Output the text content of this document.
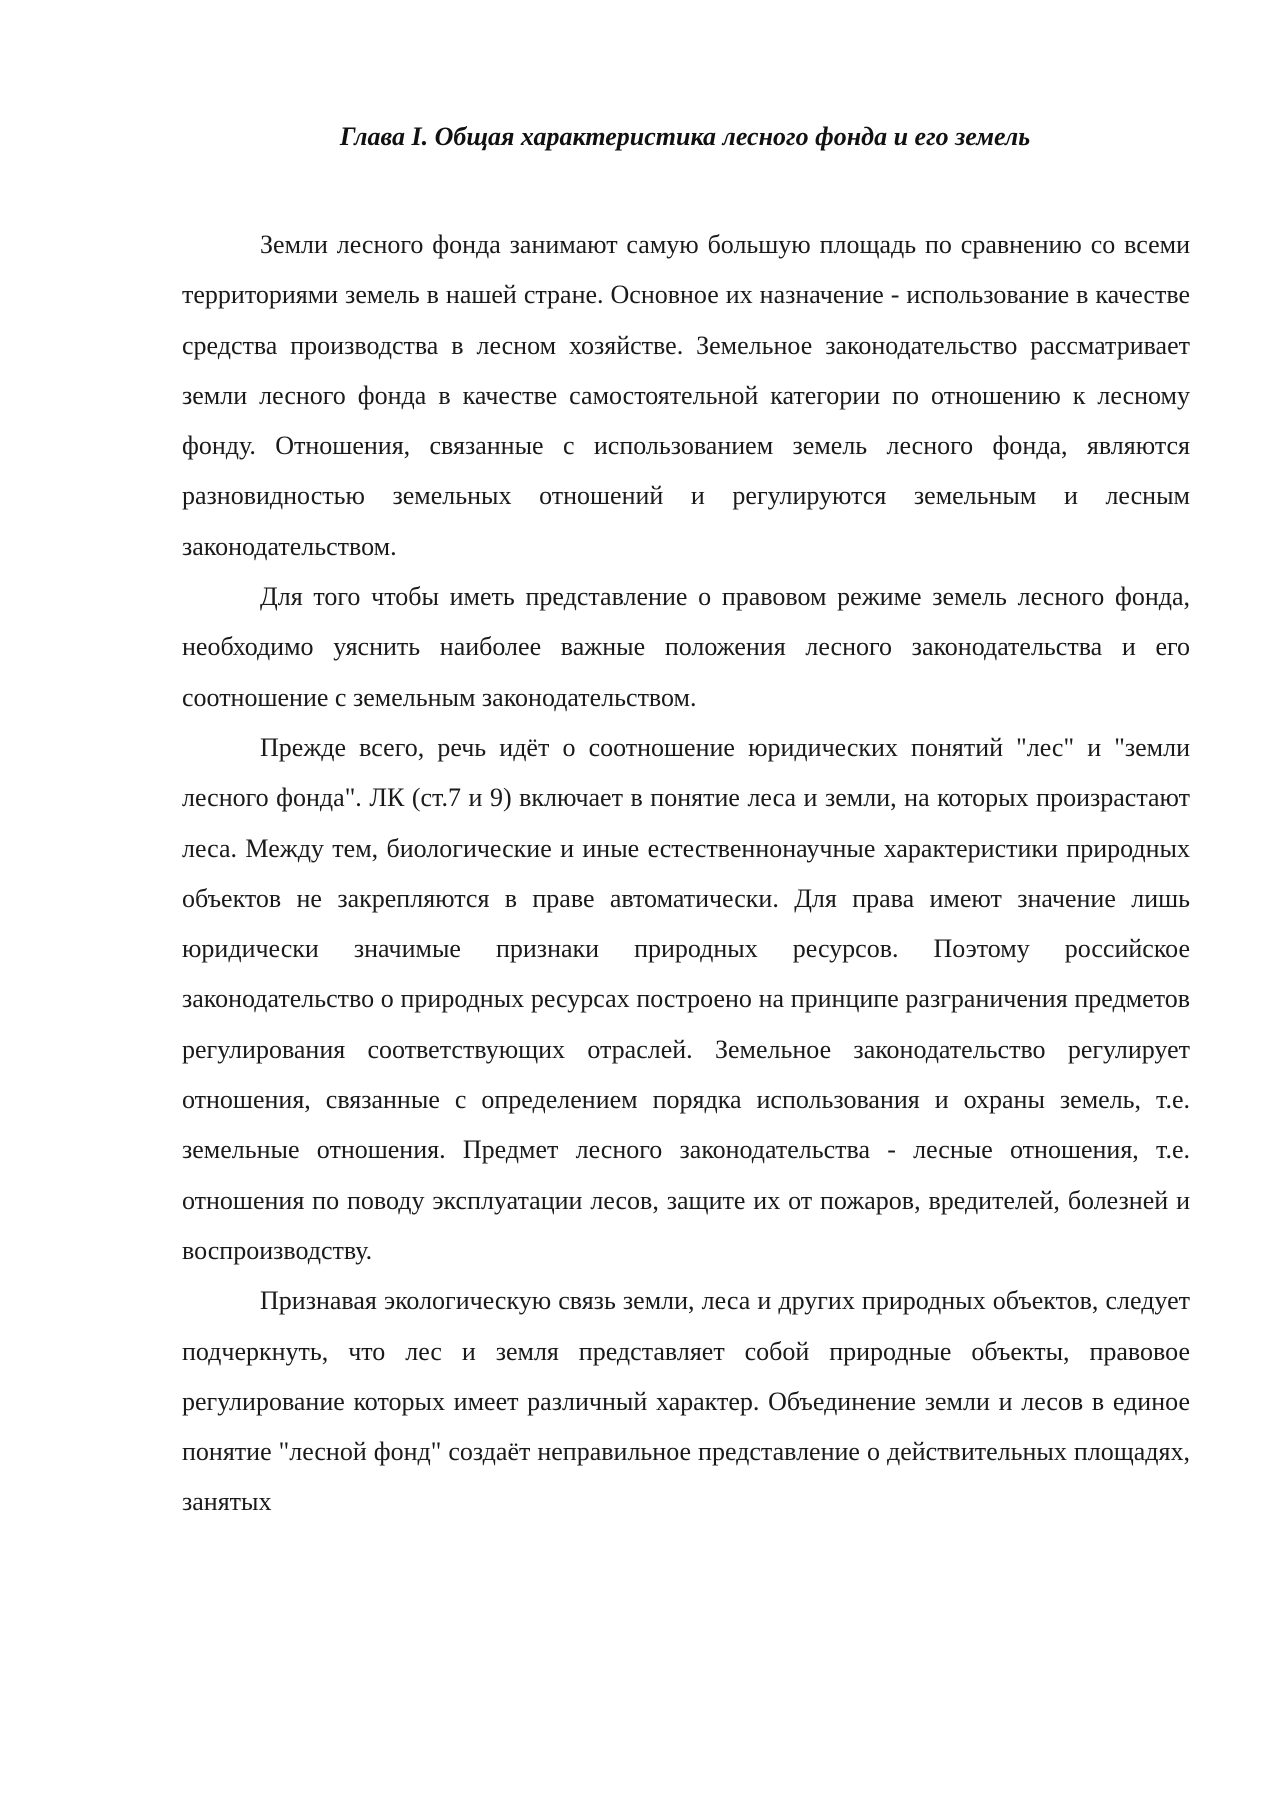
Глава I. Общая характеристика лесного фонда и его земель

Земли лесного фонда занимают самую большую площадь по сравнению со всеми территориями земель в нашей стране. Основное их назначение - использование в качестве средства производства в лесном хозяйстве. Земельное законодательство рассматривает земли лесного фонда в качестве самостоятельной категории по отношению к лесному фонду. Отношения, связанные с использованием земель лесного фонда, являются разновидностью земельных отношений и регулируются земельным и лесным законодательством.

Для того чтобы иметь представление о правовом режиме земель лесного фонда, необходимо уяснить наиболее важные положения лесного законодательства и его соотношение с земельным законодательством.

Прежде всего, речь идёт о соотношение юридических понятий "лес" и "земли лесного фонда". ЛК (ст.7 и 9) включает в понятие леса и земли, на которых произрастают леса. Между тем, биологические и иные естественнонаучные характеристики природных объектов не закрепляются в праве автоматически. Для права имеют значение лишь юридически значимые признаки природных ресурсов. Поэтому российское законодательство о природных ресурсах построено на принципе разграничения предметов регулирования соответствующих отраслей. Земельное законодательство регулирует отношения, связанные с определением порядка использования и охраны земель, т.е. земельные отношения. Предмет лесного законодательства - лесные отношения, т.е. отношения по поводу эксплуатации лесов, защите их от пожаров, вредителей, болезней и воспроизводству.

Признавая экологическую связь земли, леса и других природных объектов, следует подчеркнуть, что лес и земля представляет собой природные объекты, правовое регулирование которых имеет различный характер. Объединение земли и лесов в единое понятие "лесной фонд" создаёт неправильное представление о действительных площадях, занятых
